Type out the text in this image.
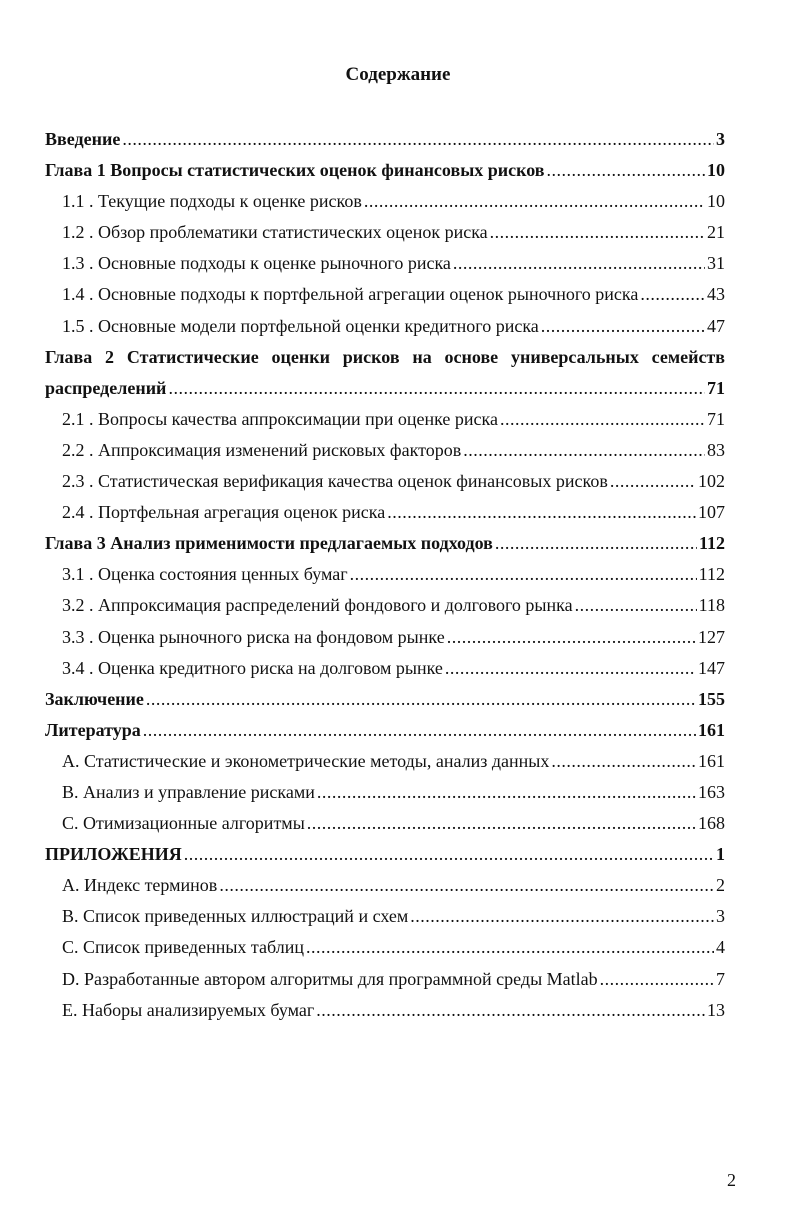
Содержание
Введение .....	3
Глава 1 Вопросы статистических оценок финансовых рисков .....	10
1.1 . Текущие подходы к оценке рисков .....	10
1.2 . Обзор проблематики статистических оценок риска .....	21
1.3 . Основные подходы к оценке рыночного риска .....	31
1.4 . Основные подходы к портфельной агрегации оценок рыночного риска .....	43
1.5 . Основные модели портфельной оценки кредитного риска .....	47
Глава 2 Статистические оценки рисков на основе универсальных семейств
распределений .....	71
2.1 . Вопросы качества аппроксимации при оценке риска .....	71
2.2 . Аппроксимация изменений рисковых факторов .....	83
2.3 . Статистическая верификация качества оценок финансовых рисков .....	102
2.4 . Портфельная агрегация оценок риска .....	107
Глава 3 Анализ применимости предлагаемых подходов .....	112
3.1 . Оценка состояния ценных бумаг .....	112
3.2 . Аппроксимация распределений фондового и долгового рынка .....	118
3.3 . Оценка рыночного риска на фондовом рынке .....	127
3.4 . Оценка кредитного риска на долговом рынке .....	147
Заключение .....	155
Литература .....	161
A. Статистические и эконометрические методы, анализ данных .....	161
B. Анализ и управление рисками .....	163
C. Отимизационные алгоритмы .....	168
ПРИЛОЖЕНИЯ .....	1
A. Индекс терминов .....	2
B. Список приведенных иллюстраций и схем .....	3
C. Список приведенных таблиц .....	4
D. Разработанные автором алгоритмы для программной среды Matlab .....	7
E. Наборы анализируемых бумаг .....	13
2
